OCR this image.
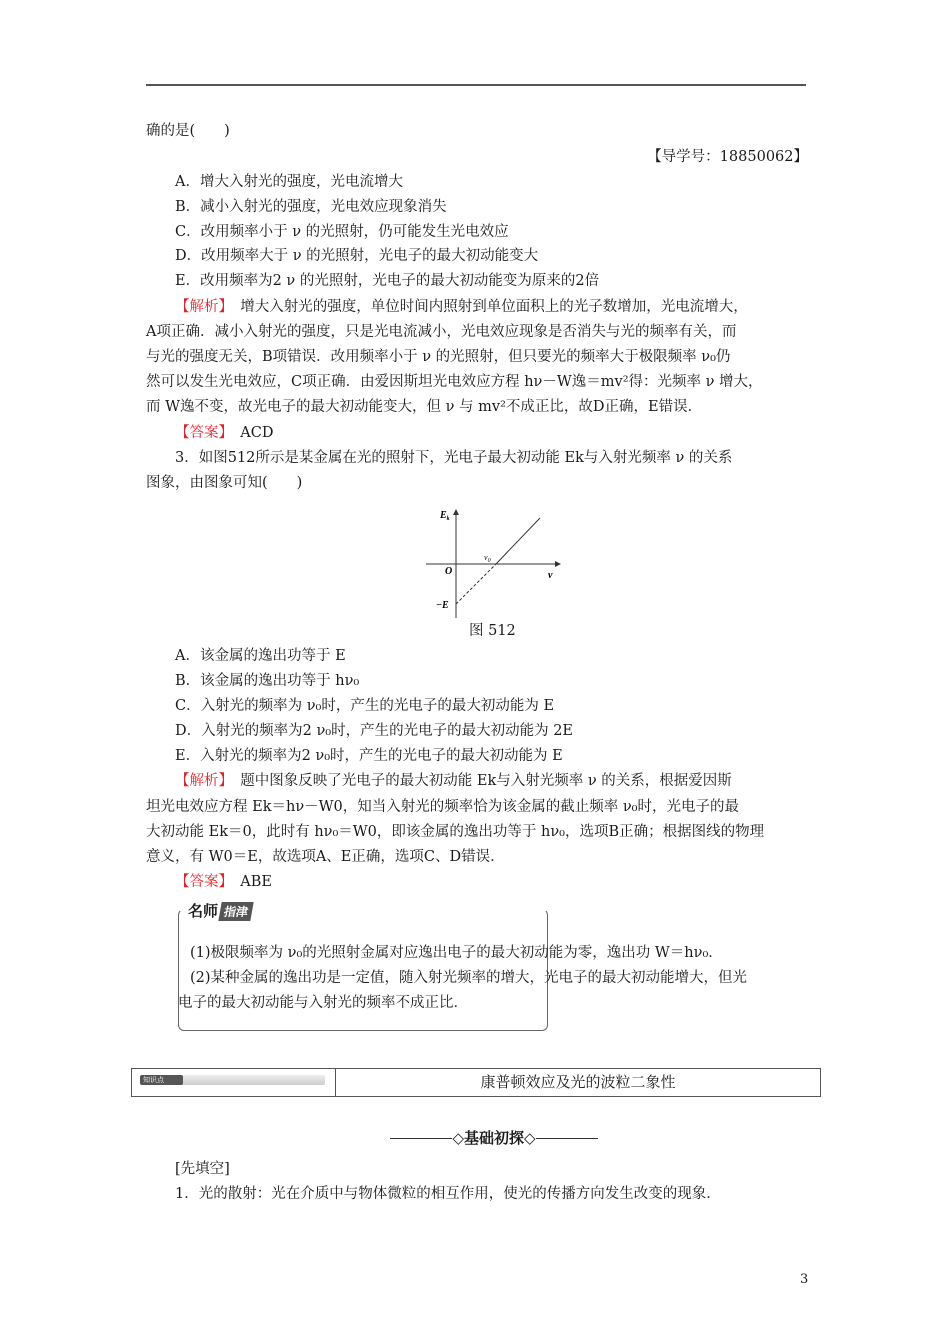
确的是(　　)
【导学号：18850062】
A．增大入射光的强度，光电流增大
B．减小入射光的强度，光电效应现象消失
C．改用频率小于 ν 的光照射，仍可能发生光电效应
D．改用频率大于 ν 的光照射，光电子的最大初动能变大
E．改用频率为2 ν 的光照射，光电子的最大初动能变为原来的2倍
【解析】　 增大入射光的强度，单位时间内照射到单位面积上的光子数增加，光电流增大，
A项正确．减小入射光的强度，只是光电流减小，光电效应现象是否消失与光的频率有关，而
与光的强度无关，B项错误．改用频率小于 ν 的光照射，但只要光的频率大于极限频率 ν₀仍
然可以发生光电效应，C项正确．由爱因斯坦光电效应方程 hν－W逸＝mv²得：光频率 ν 增大，
而 W逸不变，故光电子的最大初动能变大，但 ν 与 mv²不成正比，故D正确，E错误．
【答案】　 ACD
3．如图512所示是某金属在光的照射下，光电子最大初动能 Ek与入射光频率 ν 的关系
图象，由图象可知(　　)
$E_k$
O
$\nu_0$
ν
−E
图 512
A．该金属的逸出功等于 E
B．该金属的逸出功等于 hν₀
C．入射光的频率为 ν₀时，产生的光电子的最大初动能为 E
D．入射光的频率为2 ν₀时，产生的光电子的最大初动能为 2E
E．入射光的频率为2 ν₀时，产生的光电子的最大初动能为 E
【解析】　 题中图象反映了光电子的最大初动能 Ek与入射光频率 ν 的关系，根据爱因斯
坦光电效应方程 Ek＝hν－W0，知当入射光的频率恰为该金属的截止频率 ν₀时，光电子的最
大初动能 Ek＝0，此时有 hν₀＝W0，即该金属的逸出功等于 hν₀，选项B正确；根据图线的物理
意义，有 W0＝E，故选项A、E正确，选项C、D错误．
【答案】　 ABE
名师 指津
(1)极限频率为 ν₀的光照射金属对应逸出电子的最大初动能为零，逸出功 W＝hν₀．
(2)某种金属的逸出功是一定值，随入射光频率的增大，光电子的最大初动能增大，但光
电子的最大初动能与入射光的频率不成正比．
知识点	康普顿效应及光的波粒二象性
◇基础初探◇
[先填空]
1．光的散射：光在介质中与物体微粒的相互作用，使光的传播方向发生改变的现象．
3
